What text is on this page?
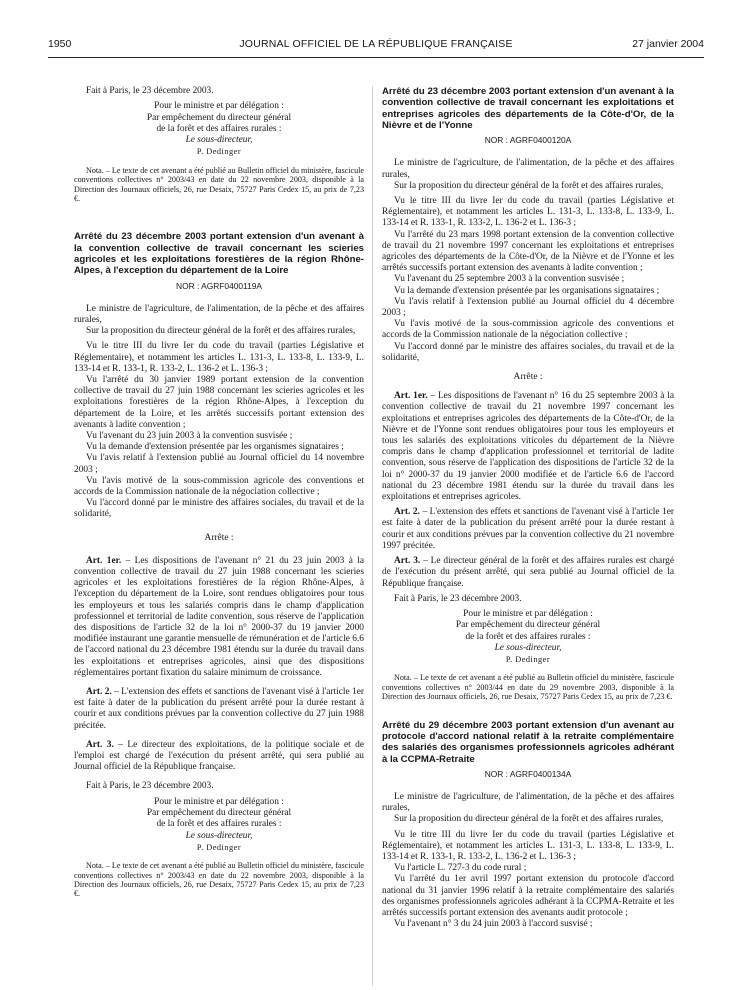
1950	JOURNAL OFFICIEL DE LA RÉPUBLIQUE FRANÇAISE	27 janvier 2004

Fait à Paris, le 23 décembre 2003.

Pour le ministre et par délégation :

Par empêchement du directeur général

de la forêt et des affaires rurales :

Le sous-directeur,

P. Dedinger

Nota. – Le texte de cet avenant a été publié au Bulletin officiel du ministère, fascicule conventions collectives n° 2003/43 en date du 22 novembre 2003, disponible à la Direction des Journaux officiels, 26, rue Desaix, 75727 Paris Cedex 15, au prix de 7,23 €.

Arrêté du 23 décembre 2003 portant extension d'un avenant à la convention collective de travail concernant les scieries agricoles et les exploitations forestières de la région Rhône-Alpes, à l'exception du département de la Loire

NOR : AGRF0400119A

Le ministre de l'agriculture, de l'alimentation, de la pêche et des affaires rurales,

Sur la proposition du directeur général de la forêt et des affaires rurales,

Vu le titre III du livre Ier du code du travail (parties Législative et Réglementaire), et notamment les articles L. 131-3, L. 133-8, L. 133-9, L. 133-14 et R. 133-1, R. 133-2, L. 136-2 et L. 136-3 ;

Vu l'arrêté du 30 janvier 1989 portant extension de la convention collective de travail du 27 juin 1988 concernant les scieries agricoles et les exploitations forestières de la région Rhône-Alpes, à l'exception du département de la Loire, et les arrêtés successifs portant extension des avenants à ladite convention ;

Vu l'avenant du 23 juin 2003 à la convention susvisée ;

Vu la demande d'extension présentée par les organismes signataires ;

Vu l'avis relatif à l'extension publié au Journal officiel du 14 novembre 2003 ;

Vu l'avis motivé de la sous-commission agricole des conventions et accords de la Commission nationale de la négociation collective ;

Vu l'accord donné par le ministre des affaires sociales, du travail et de la solidarité,

Arrête :

Art. 1er. – Les dispositions de l'avenant n° 21 du 23 juin 2003 à la convention collective de travail du 27 juin 1988 concernant les scieries agricoles et les exploitations forestières de la région Rhône-Alpes, à l'exception du département de la Loire, sont rendues obligatoires pour tous les employeurs et tous les salariés compris dans le champ d'application professionnel et territorial de ladite convention, sous réserve de l'application des dispositions de l'article 32 de la loi n° 2000-37 du 19 janvier 2000 modifiée instaurant une garantie mensuelle de rémunération et de l'article 6.6 de l'accord national du 23 décembre 1981 étendu sur la durée du travail dans les exploitations et entreprises agricoles, ainsi que des dispositions réglementaires portant fixation du salaire minimum de croissance.

Art. 2. – L'extension des effets et sanctions de l'avenant visé à l'article 1er est faite à dater de la publication du présent arrêté pour la durée restant à courir et aux conditions prévues par la convention collective du 27 juin 1988 précitée.

Art. 3. – Le directeur des exploitations, de la politique sociale et de l'emploi est chargé de l'exécution du présent arrêté, qui sera publié au Journal officiel de la République française.

Fait à Paris, le 23 décembre 2003.

Pour le ministre et par délégation :

Par empêchement du directeur général

de la forêt et des affaires rurales :

Le sous-directeur,

P. Dedinger

Nota. – Le texte de cet avenant a été publié au Bulletin officiel du ministère, fascicule conventions collectives n° 2003/43 en date du 22 novembre 2003, disponible à la Direction des Journaux officiels, 26, rue Desaix, 75727 Paris Cedex 15, au prix de 7,23 €.

Arrêté du 23 décembre 2003 portant extension d'un avenant à la convention collective de travail concernant les exploitations et entreprises agricoles des départements de la Côte-d'Or, de la Nièvre et de l'Yonne

NOR : AGRF0400120A

Le ministre de l'agriculture, de l'alimentation, de la pêche et des affaires rurales,

Sur la proposition du directeur général de la forêt et des affaires rurales,

Vu le titre III du livre Ier du code du travail (parties Législative et Réglementaire), et notamment les articles L. 131-3, L. 133-8, L. 133-9, L. 133-14 et R. 133-1, R. 133-2, L. 136-2 et L. 136-3 ;

Vu l'arrêté du 23 mars 1998 portant extension de la convention collective de travail du 21 novembre 1997 concernant les exploitations et entreprises agricoles des départements de la Côte-d'Or, de la Nièvre et de l'Yonne et les arrêtés successifs portant extension des avenants à ladite convention ;

Vu l'avenant du 25 septembre 2003 à la convention susvisée ;

Vu la demande d'extension présentée par les organisations signataires ;

Vu l'avis relatif à l'extension publié au Journal officiel du 4 décembre 2003 ;

Vu l'avis motivé de la sous-commission agricole des conventions et accords de la Commission nationale de la négociation collective ;

Vu l'accord donné par le ministre des affaires sociales, du travail et de la solidarité,

Arrête :

Art. 1er. – Les dispositions de l'avenant n° 16 du 25 septembre 2003 à la convention collective de travail du 21 novembre 1997 concernant les exploitations et entreprises agricoles des départements de la Côte-d'Or, de la Nièvre et de l'Yonne sont rendues obligatoires pour tous les employeurs et tous les salariés des exploitations viticoles du département de la Nièvre compris dans le champ d'application professionnel et territorial de ladite convention, sous réserve de l'application des dispositions de l'article 32 de la loi n° 2000-37 du 19 janvier 2000 modifiée et de l'article 6.6 de l'accord national du 23 décembre 1981 étendu sur la durée du travail dans les exploitations et entreprises agricoles.

Art. 2. – L'extension des effets et sanctions de l'avenant visé à l'article 1er est faite à dater de la publication du présent arrêté pour la durée restant à courir et aux conditions prévues par la convention collective du 21 novembre 1997 précitée.

Art. 3. – Le directeur général de la forêt et des affaires rurales est chargé de l'exécution du présent arrêté, qui sera publié au Journal officiel de la République française.

Fait à Paris, le 23 décembre 2003.

Pour le ministre et par délégation :

Par empêchement du directeur général

de la forêt et des affaires rurales :

Le sous-directeur,

P. Dedinger

Nota. – Le texte de cet avenant a été publié au Bulletin officiel du ministère, fascicule conventions collectives n° 2003/44 en date du 29 novembre 2003, disponible à la Direction des Journaux officiels, 26, rue Desaix, 75727 Paris Cedex 15, au prix de 7,23 €.

Arrêté du 29 décembre 2003 portant extension d'un avenant au protocole d'accord national relatif à la retraite complémentaire des salariés des organismes professionnels agricoles adhérant à la CCPMA-Retraite

NOR : AGRF0400134A

Le ministre de l'agriculture, de l'alimentation, de la pêche et des affaires rurales,

Sur la proposition du directeur général de la forêt et des affaires rurales,

Vu le titre III du livre Ier du code du travail (parties Législative et Réglementaire), et notamment les articles L. 131-3, L. 133-8, L. 133-9, L. 133-14 et R. 133-1, R. 133-2, L. 136-2 et L. 136-3 ;

Vu l'article L. 727-3 du code rural ;

Vu l'arrêté du 1er avril 1997 portant extension du protocole d'accord national du 31 janvier 1996 relatif à la retraite complémentaire des salariés des organismes professionnels agricoles adhérant à la CCPMA-Retraite et les arrêtés successifs portant extension des avenants audit protocole ;

Vu l'avenant n° 3 du 24 juin 2003 à l'accord susvisé ;
